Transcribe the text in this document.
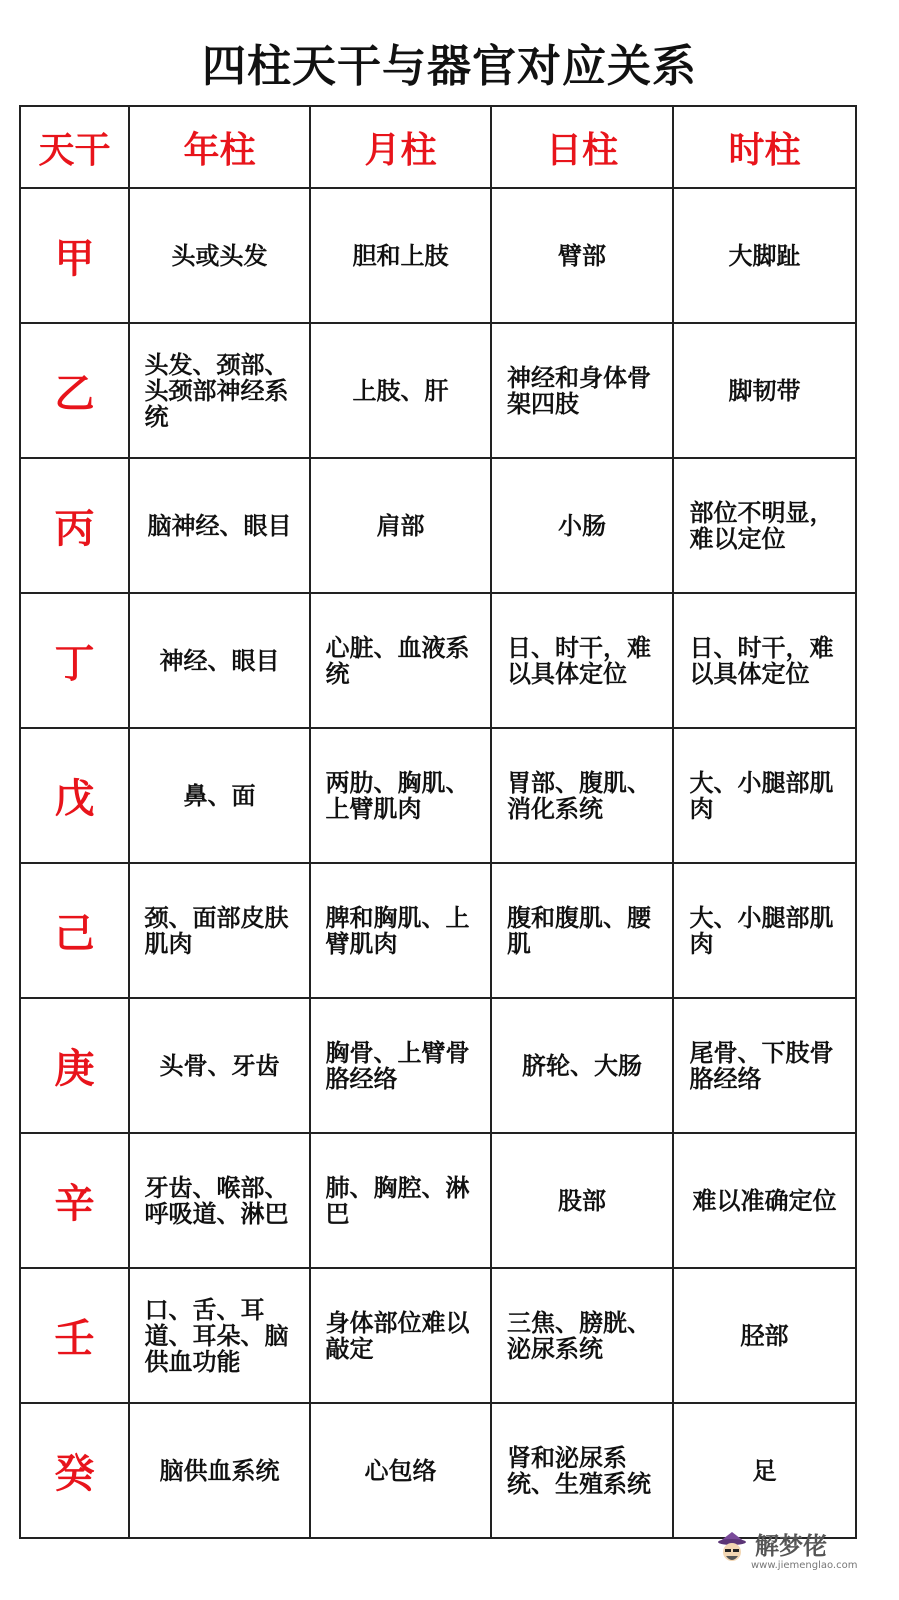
四柱天干与器官对应关系
天干	年柱	月柱	日柱	时柱
甲	头或头发	胆和上肢	臂部	大脚趾
乙	头发、颈部、头颈部神经系统	上肢、肝	神经和身体骨架四肢	脚韧带
丙	脑神经、眼目	肩部	小肠	部位不明显，难以定位
丁	神经、眼目	心脏、血液系统	日、时干，难以具体定位	日、时干，难以具体定位
戊	鼻、面	两肋、胸肌、上臂肌肉	胃部、腹肌、消化系统	大、小腿部肌肉
己	颈、面部皮肤肌肉	脾和胸肌、上臂肌肉	腹和腹肌、腰肌	大、小腿部肌肉
庚	头骨、牙齿	胸骨、上臂骨胳经络	脐轮、大肠	尾骨、下肢骨胳经络
辛	牙齿、喉部、呼吸道、淋巴	肺、胸腔、淋巴	股部	难以准确定位
壬	口、舌、耳道、耳朵、脑供血功能	身体部位难以敲定	三焦、膀胱、泌尿系统	胫部
癸	脑供血系统	心包络	肾和泌尿系统、生殖系统	足
解梦佬
www.jiemenglao.com
